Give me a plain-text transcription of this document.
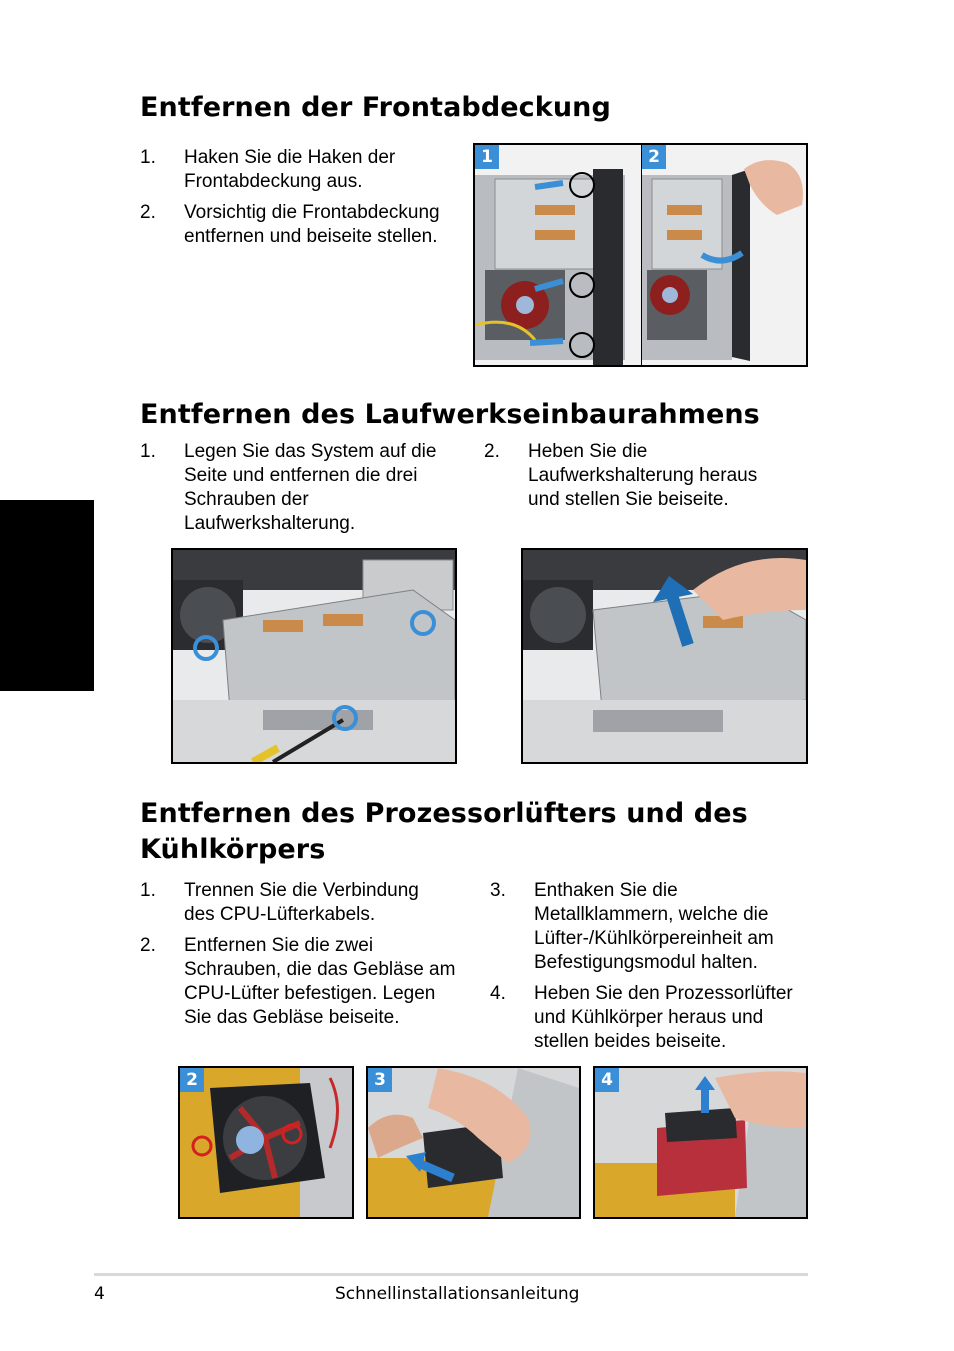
Entfernen der Frontabdeckung
1. Haken Sie die Haken der
Frontabdeckung aus.
2. Vorsichtig die Frontabdeckung
entfernen und beiseite stellen.
1	2
Entfernen des Laufwerkseinbaurahmens
1. Legen Sie das System auf die
Seite und entfernen die drei
Schrauben der
Laufwerkshalterung.
2. Heben Sie die
Laufwerkshalterung heraus
und stellen Sie beiseite.
Entfernen des Prozessorlüfters und des
Kühlkörpers
1. Trennen Sie die Verbindung
des CPU-Lüfterkabels.
2. Entfernen Sie die zwei
Schrauben, die das Gebläse am
CPU-Lüfter befestigen. Legen
Sie das Gebläse beiseite.
3. Enthaken Sie die
Metallklammern, welche die
Lüfter-/Kühlkörpereinheit am
Befestigungsmodul halten.
4. Heben Sie den Prozessorlüfter
und Kühlkörper heraus und
stellen beides beiseite.
2	3	4
4	Schnellinstallationsanleitung
